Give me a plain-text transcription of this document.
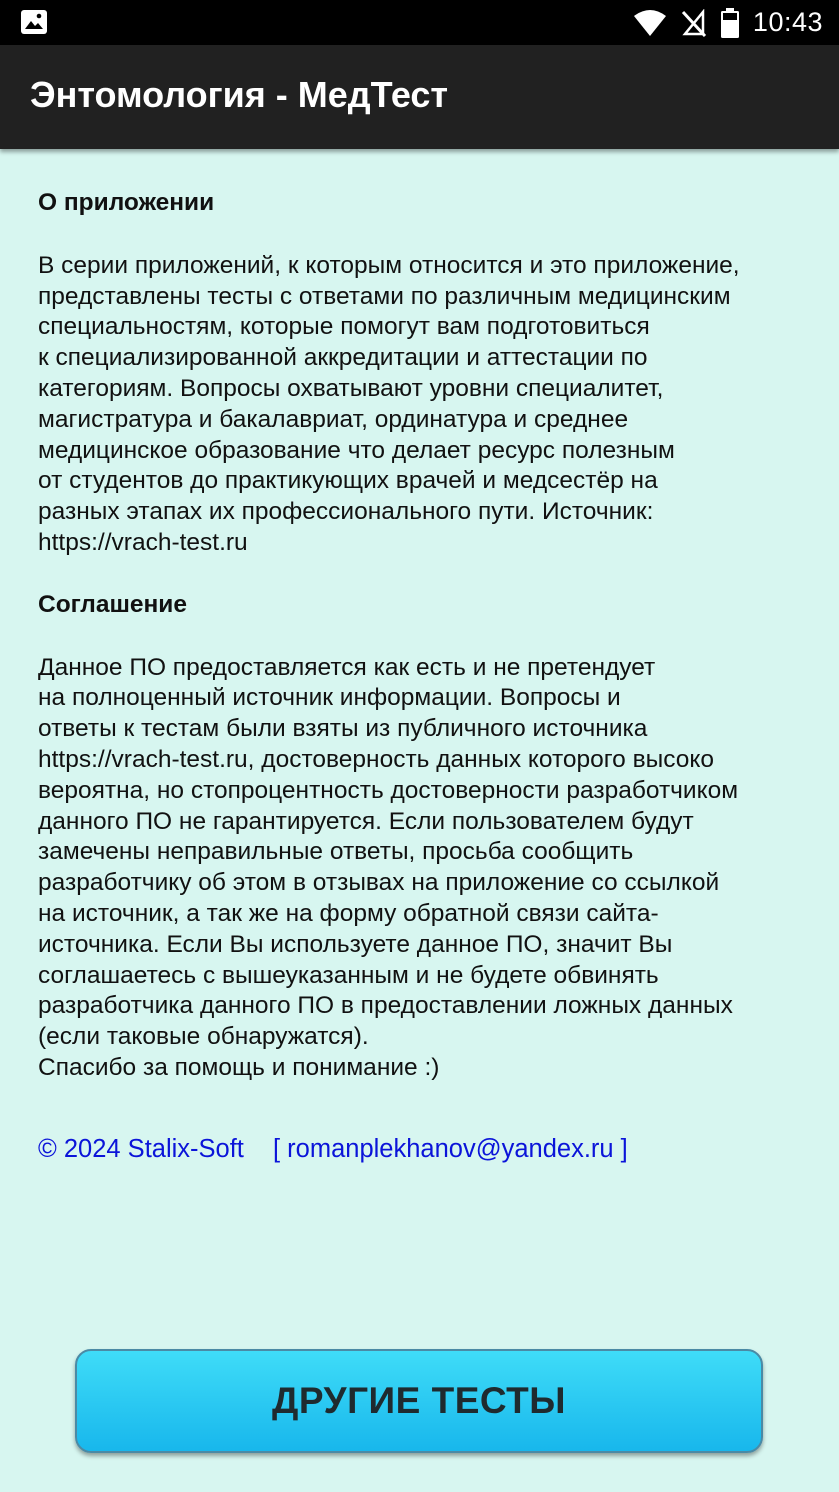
10:43
Энтомология - МедТест

О приложении

В серии приложений, к которым относится и это приложение,
представлены тесты с ответами по различным медицинским
специальностям, которые помогут вам подготовиться
к специализированной аккредитации и аттестации по
категориям. Вопросы охватывают уровни специалитет,
магистратура и бакалавриат, ординатура и среднее
медицинское образование что делает ресурс полезным
от студентов до практикующих врачей и медсестёр на
разных этапах их профессионального пути. Источник:
https://vrach-test.ru

Соглашение

Данное ПО предоставляется как есть и не претендует
на полноценный источник информации. Вопросы и
ответы к тестам были взяты из публичного источника
https://vrach-test.ru, достоверность данных которого высоко
вероятна, но стопроцентность достоверности разработчиком
данного ПО не гарантируется. Если пользователем будут
замечены неправильные ответы, просьба сообщить
разработчику об этом в отзывах на приложение со ссылкой
на источник, а так же на форму обратной связи сайта-
источника. Если Вы используете данное ПО, значит Вы
соглашаетесь с вышеуказанным и не будете обвинять
разработчика данного ПО в предоставлении ложных данных
(если таковые обнаружатся).
Спасибо за помощь и понимание :)

© 2024 Stalix-Soft [ romanplekhanov@yandex.ru ]
ДРУГИЕ ТЕСТЫ
